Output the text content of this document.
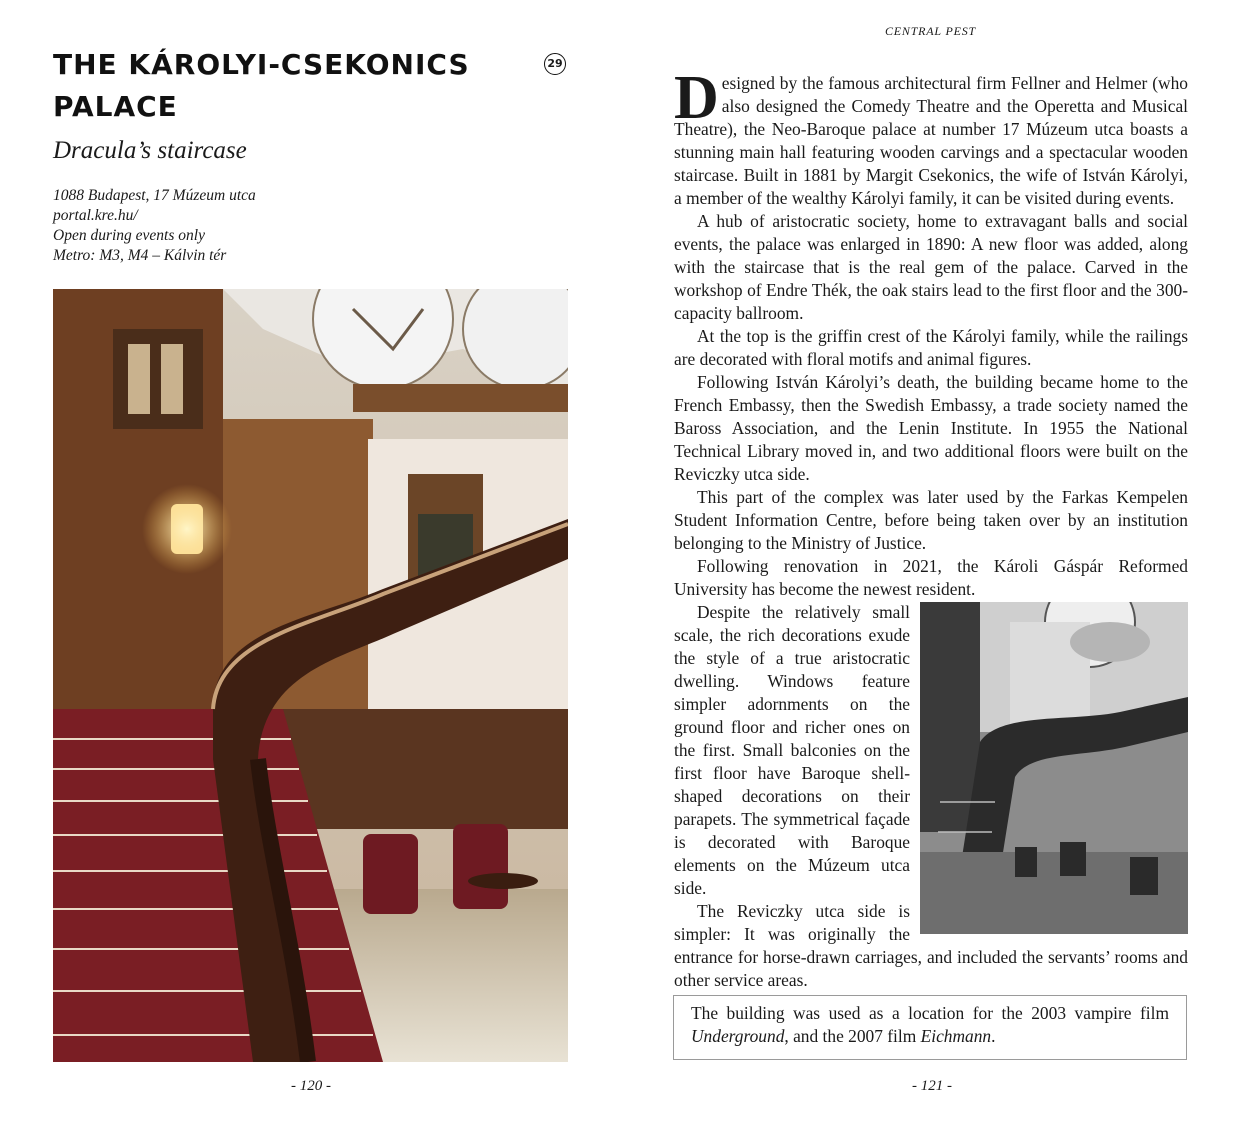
THE KÁROLYI-CSEKONICS PALACE
29
Dracula’s staircase
1088 Budapest, 17 Múzeum utca
portal.kre.hu/
Open during events only
Metro: M3, M4 – Kálvin tér
- 120 -
CENTRAL PEST

Designed by the famous architectural firm Fellner and Helmer (who also designed the Comedy Theatre and the Operetta and Musical Theatre), the Neo-Baroque palace at number 17 Múzeum utca boasts a stunning main hall featuring wooden carvings and a spectacular wooden staircase. Built in 1881 by Margit Csekonics, the wife of István Károlyi, a member of the wealthy Károlyi family, it can be visited during events.

A hub of aristocratic society, home to extravagant balls and social events, the palace was enlarged in 1890: A new floor was added, along with the staircase that is the real gem of the palace. Carved in the workshop of Endre Thék, the oak stairs lead to the first floor and the 300-capacity ballroom.

At the top is the griffin crest of the Károlyi family, while the railings are decorated with floral motifs and animal figures.

Following István Károlyi’s death, the building became home to the French Embassy, then the Swedish Embassy, a trade society named the Baross Association, and the Lenin Institute. In 1955 the National Technical Library moved in, and two additional floors were built on the Reviczky utca side.

This part of the complex was later used by the Farkas Kempelen Student Information Centre, before being taken over by an institution belonging to the Ministry of Justice.

Following renovation in 2021, the Károli Gáspár Reformed University has become the newest resident.

Despite the relatively small scale, the rich decorations exude the style of a true aristocratic dwelling. Windows feature simpler adornments on the ground floor and richer ones on the first. Small balconies on the first floor have Baroque shell-shaped decorations on their parapets. The symmetrical façade is decorated with Baroque elements on the Múzeum utca side.

The Reviczky utca side is simpler: It was originally the entrance for horse-drawn carriages, and included the servants’ rooms and other service areas.

The building was used as a location for the 2003 vampire film Underground, and the 2007 film Eichmann.
- 121 -
